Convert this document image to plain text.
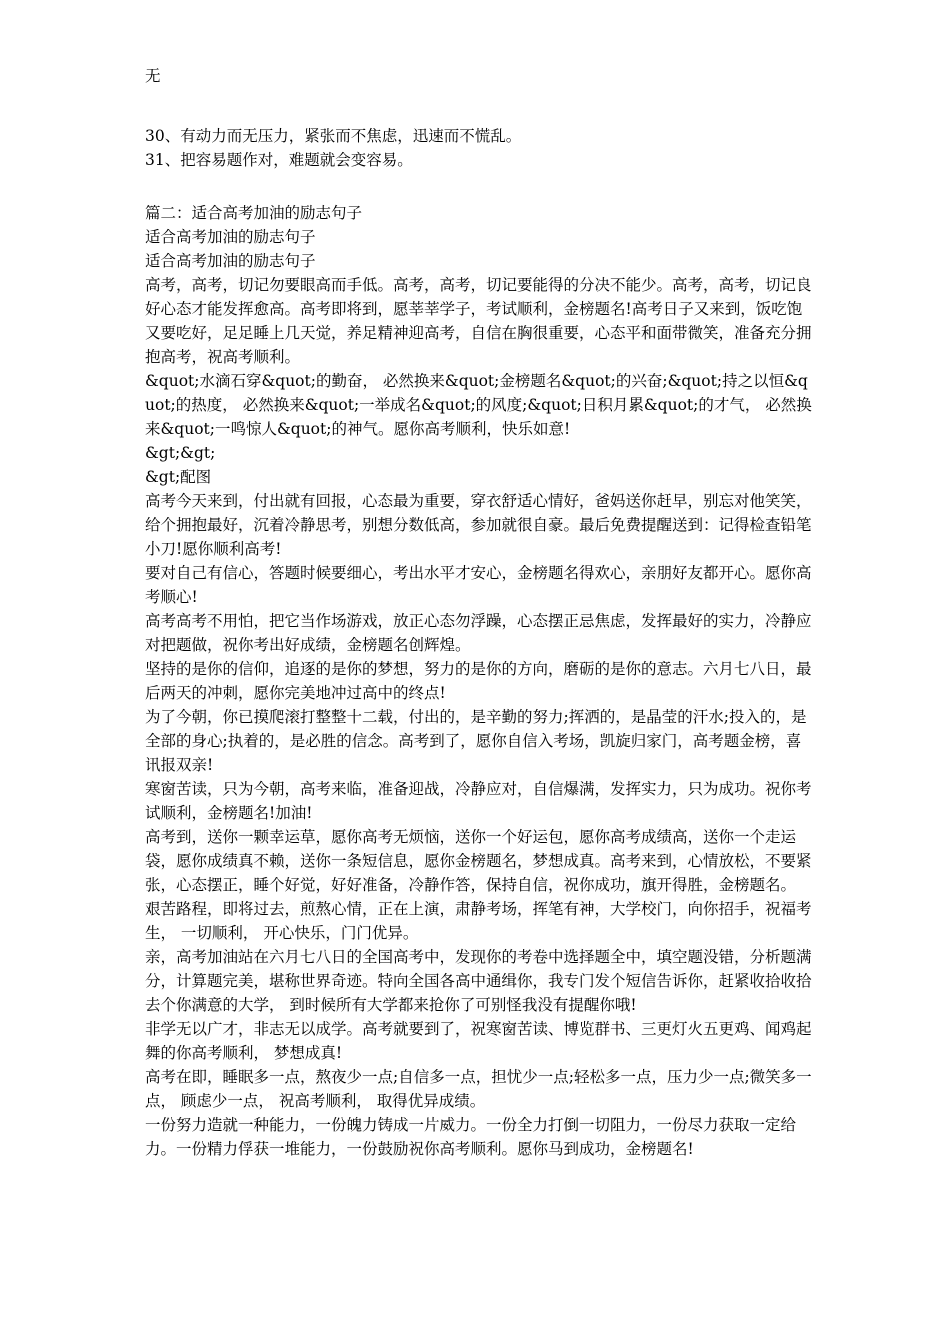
无
30、有动力而无压力，紧张而不焦虑，迅速而不慌乱。
31、把容易题作对，难题就会变容易。
篇二：适合高考加油的励志句子
适合高考加油的励志句子
适合高考加油的励志句子

高考，高考，切记勿要眼高而手低。高考，高考，切记要能得的分决不能少。高考，高考，切记良好心态才能发挥愈高。高考即将到，愿莘莘学子，考试顺利，金榜题名!高考日子又来到，饭吃饱又要吃好，足足睡上几天觉，养足精神迎高考，自信在胸很重要，心态平和面带微笑，准备充分拥抱高考，祝高考顺利。

&quot;水滴石穿&quot;的勤奋， 必然换来&quot;金榜题名&quot;的兴奋;&quot;持之以恒&quot;的热度， 必然换来&quot;一举成名&quot;的风度;&quot;日积月累&quot;的才气， 必然换来&quot;一鸣惊人&quot;的神气。愿你高考顺利，快乐如意!

&gt;&gt;

&gt;配图

高考今天来到，付出就有回报，心态最为重要，穿衣舒适心情好，爸妈送你赶早，别忘对他笑笑，给个拥抱最好，沉着冷静思考，别想分数低高，参加就很自豪。最后免费提醒送到：记得检查铅笔小刀!愿你顺利高考!

要对自己有信心，答题时候要细心，考出水平才安心，金榜题名得欢心，亲朋好友都开心。愿你高考顺心!

高考高考不用怕，把它当作场游戏，放正心态勿浮躁，心态摆正忌焦虑，发挥最好的实力，冷静应对把题做，祝你考出好成绩，金榜题名创辉煌。

坚持的是你的信仰，追逐的是你的梦想，努力的是你的方向，磨砺的是你的意志。六月七八日，最后两天的冲刺，愿你完美地冲过高中的终点!

为了今朝，你已摸爬滚打整整十二载，付出的，是辛勤的努力;挥洒的，是晶莹的汗水;投入的，是全部的身心;执着的，是必胜的信念。高考到了，愿你自信入考场，凯旋归家门，高考题金榜，喜讯报双亲!

寒窗苦读，只为今朝，高考来临，准备迎战，冷静应对，自信爆满，发挥实力，只为成功。祝你考试顺利，金榜题名!加油!

高考到，送你一颗幸运草，愿你高考无烦恼，送你一个好运包，愿你高考成绩高，送你一个走运袋，愿你成绩真不赖，送你一条短信息，愿你金榜题名，梦想成真。高考来到，心情放松，不要紧张，心态摆正，睡个好觉，好好准备，冷静作答，保持自信，祝你成功，旗开得胜，金榜题名。

艰苦路程，即将过去，煎熬心情，正在上演，肃静考场，挥笔有神，大学校门，向你招手，祝福考生， 一切顺利， 开心快乐，门门优异。

亲，高考加油站在六月七八日的全国高考中，发现你的考卷中选择题全中，填空题没错，分析题满分，计算题完美，堪称世界奇迹。特向全国各高中通缉你，我专门发个短信告诉你，赶紧收拾收拾去个你满意的大学， 到时候所有大学都来抢你了可别怪我没有提醒你哦!

非学无以广才，非志无以成学。高考就要到了，祝寒窗苦读、博览群书、三更灯火五更鸡、闻鸡起舞的你高考顺利， 梦想成真!

高考在即，睡眠多一点，熬夜少一点;自信多一点，担忧少一点;轻松多一点，压力少一点;微笑多一点， 顾虑少一点， 祝高考顺利， 取得优异成绩。

一份努力造就一种能力，一份魄力铸成一片威力。一份全力打倒一切阻力，一份尽力获取一定给力。一份精力俘获一堆能力，一份鼓励祝你高考顺利。愿你马到成功，金榜题名!
